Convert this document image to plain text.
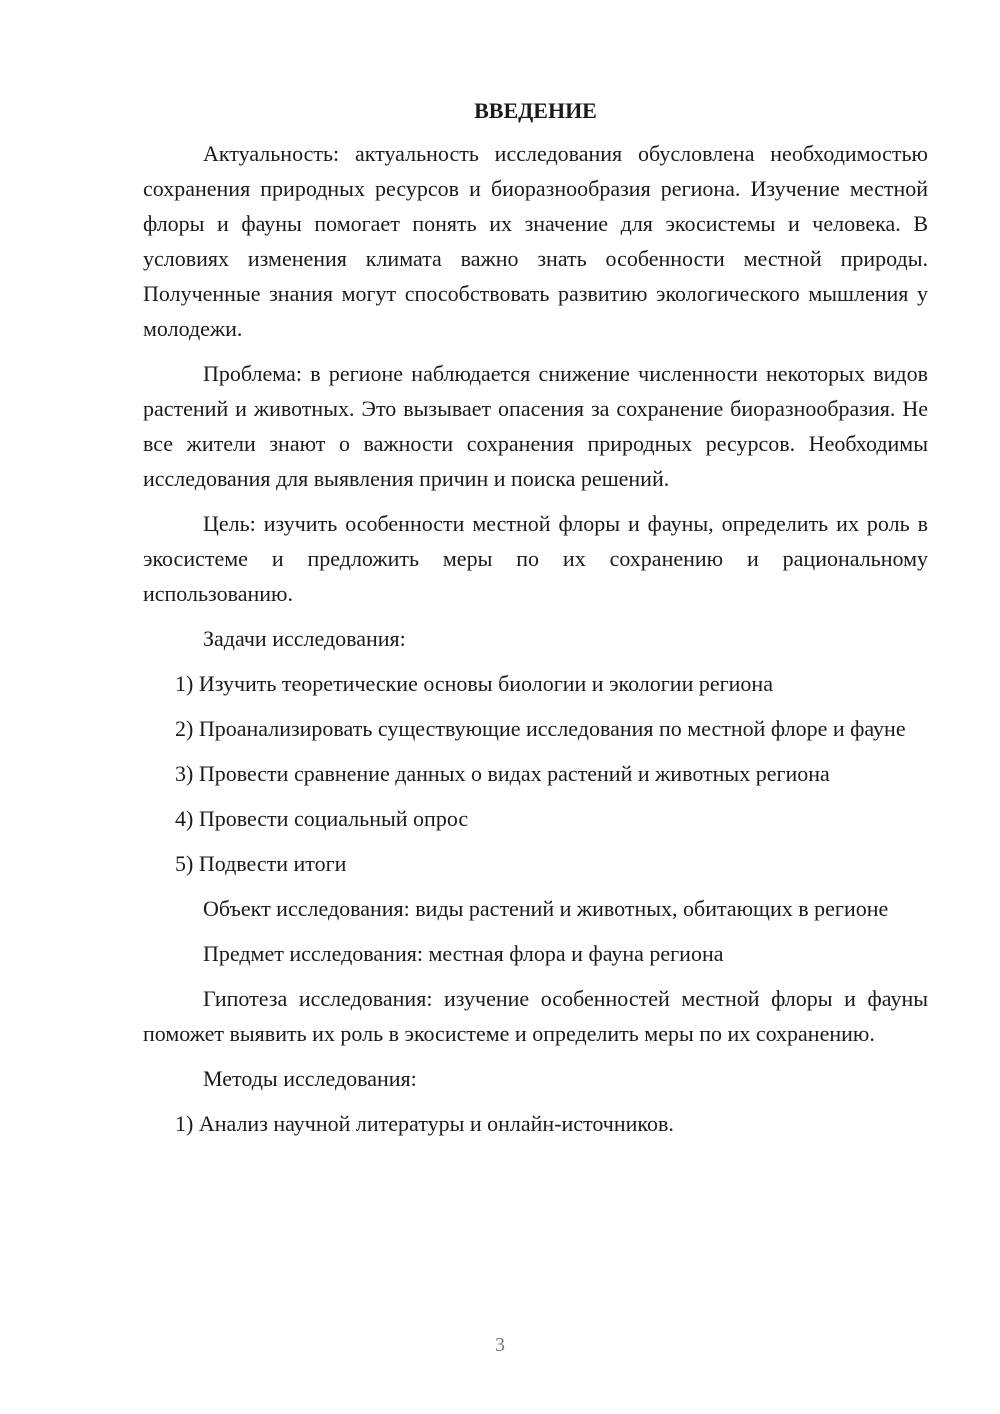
ВВЕДЕНИЕ

Актуальность: актуальность исследования обусловлена необходимостью сохранения природных ресурсов и биоразнообразия региона. Изучение местной флоры и фауны помогает понять их значение для экосистемы и человека. В условиях изменения климата важно знать особенности местной природы. Полученные знания могут способствовать развитию экологического мышления у молодежи.

Проблема: в регионе наблюдается снижение численности некоторых видов растений и животных. Это вызывает опасения за сохранение биоразнообразия. Не все жители знают о важности сохранения природных ресурсов. Необходимы исследования для выявления причин и поиска решений.

Цель: изучить особенности местной флоры и фауны, определить их роль в экосистеме и предложить меры по их сохранению и рациональному использованию.

Задачи исследования:

1) Изучить теоретические основы биологии и экологии региона

2) Проанализировать существующие исследования по местной флоре и фауне

3) Провести сравнение данных о видах растений и животных региона

4) Провести социальный опрос

5) Подвести итоги

Объект исследования: виды растений и животных, обитающих в регионе

Предмет исследования: местная флора и фауна региона

Гипотеза исследования: изучение особенностей местной флоры и фауны поможет выявить их роль в экосистеме и определить меры по их сохранению.

Методы исследования:

1) Анализ научной литературы и онлайн-источников.

3
